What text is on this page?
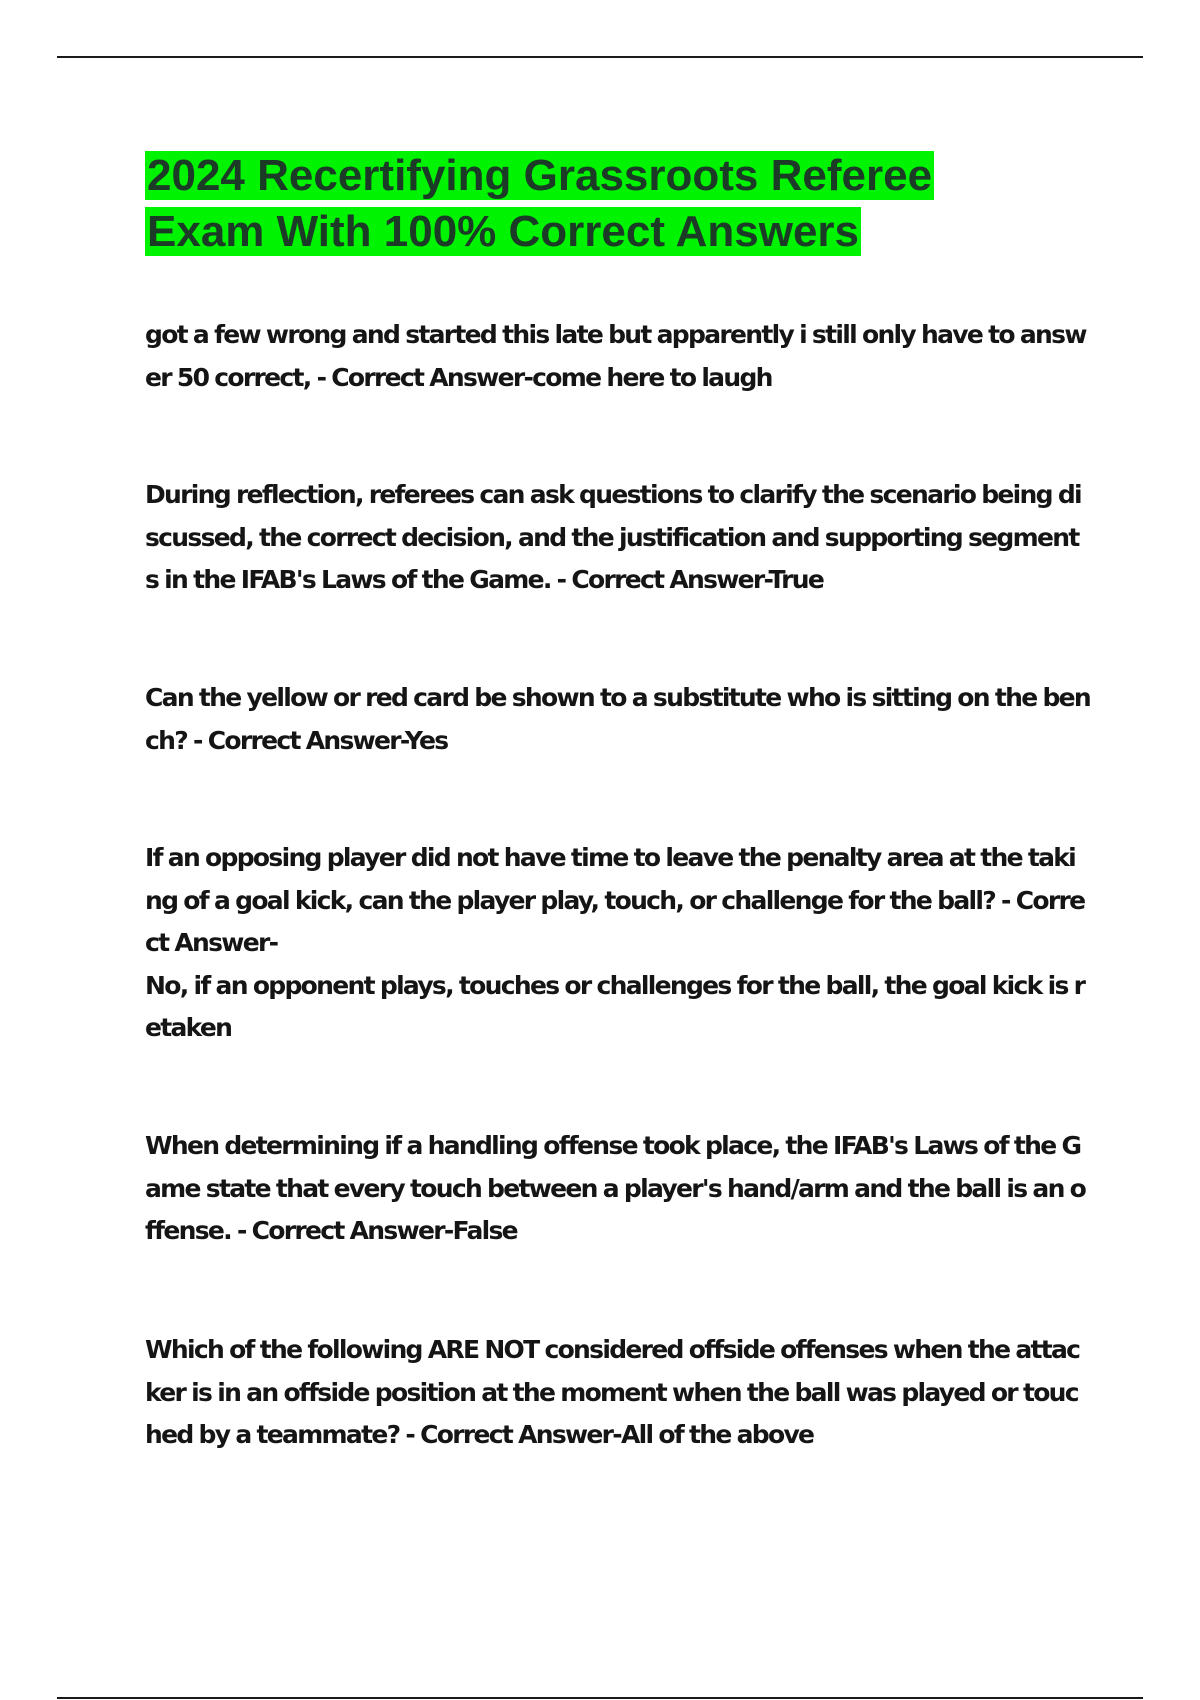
2024 Recertifying Grassroots Referee
Exam With 100% Correct Answers

got a few wrong and started this late but apparently i still only have to answer 50 correct, - Correct Answer-come here to laugh

During reflection, referees can ask questions to clarify the scenario being discussed, the correct decision, and the justification and supporting segments in the IFAB's Laws of the Game. - Correct Answer-True

Can the yellow or red card be shown to a substitute who is sitting on the bench? - Correct Answer-Yes

If an opposing player did not have time to leave the penalty area at the taking of a goal kick, can the player play, touch, or challenge for the ball? - Correct Answer-
No, if an opponent plays, touches or challenges for the ball, the goal kick is retaken

When determining if a handling offense took place, the IFAB's Laws of the Game state that every touch between a player's hand/arm and the ball is an offense. - Correct Answer-False

Which of the following ARE NOT considered offside offenses when the attacker is in an offside position at the moment when the ball was played or touched by a teammate? - Correct Answer-All of the above
